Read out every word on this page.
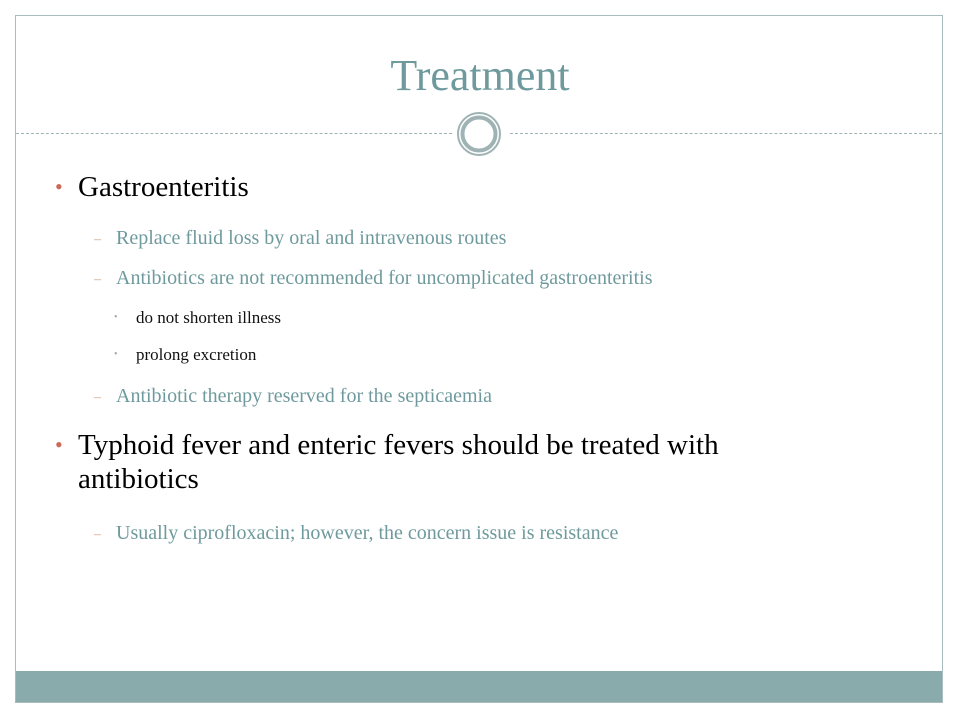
Treatment
• Gastroenteritis
– Replace fluid loss by oral and intravenous routes
– Antibiotics are not recommended for uncomplicated gastroenteritis
• do not shorten illness
• prolong excretion
– Antibiotic therapy reserved for the septicaemia
• Typhoid fever and enteric fevers should be treated with
antibiotics
– Usually ciprofloxacin; however, the concern issue is resistance
